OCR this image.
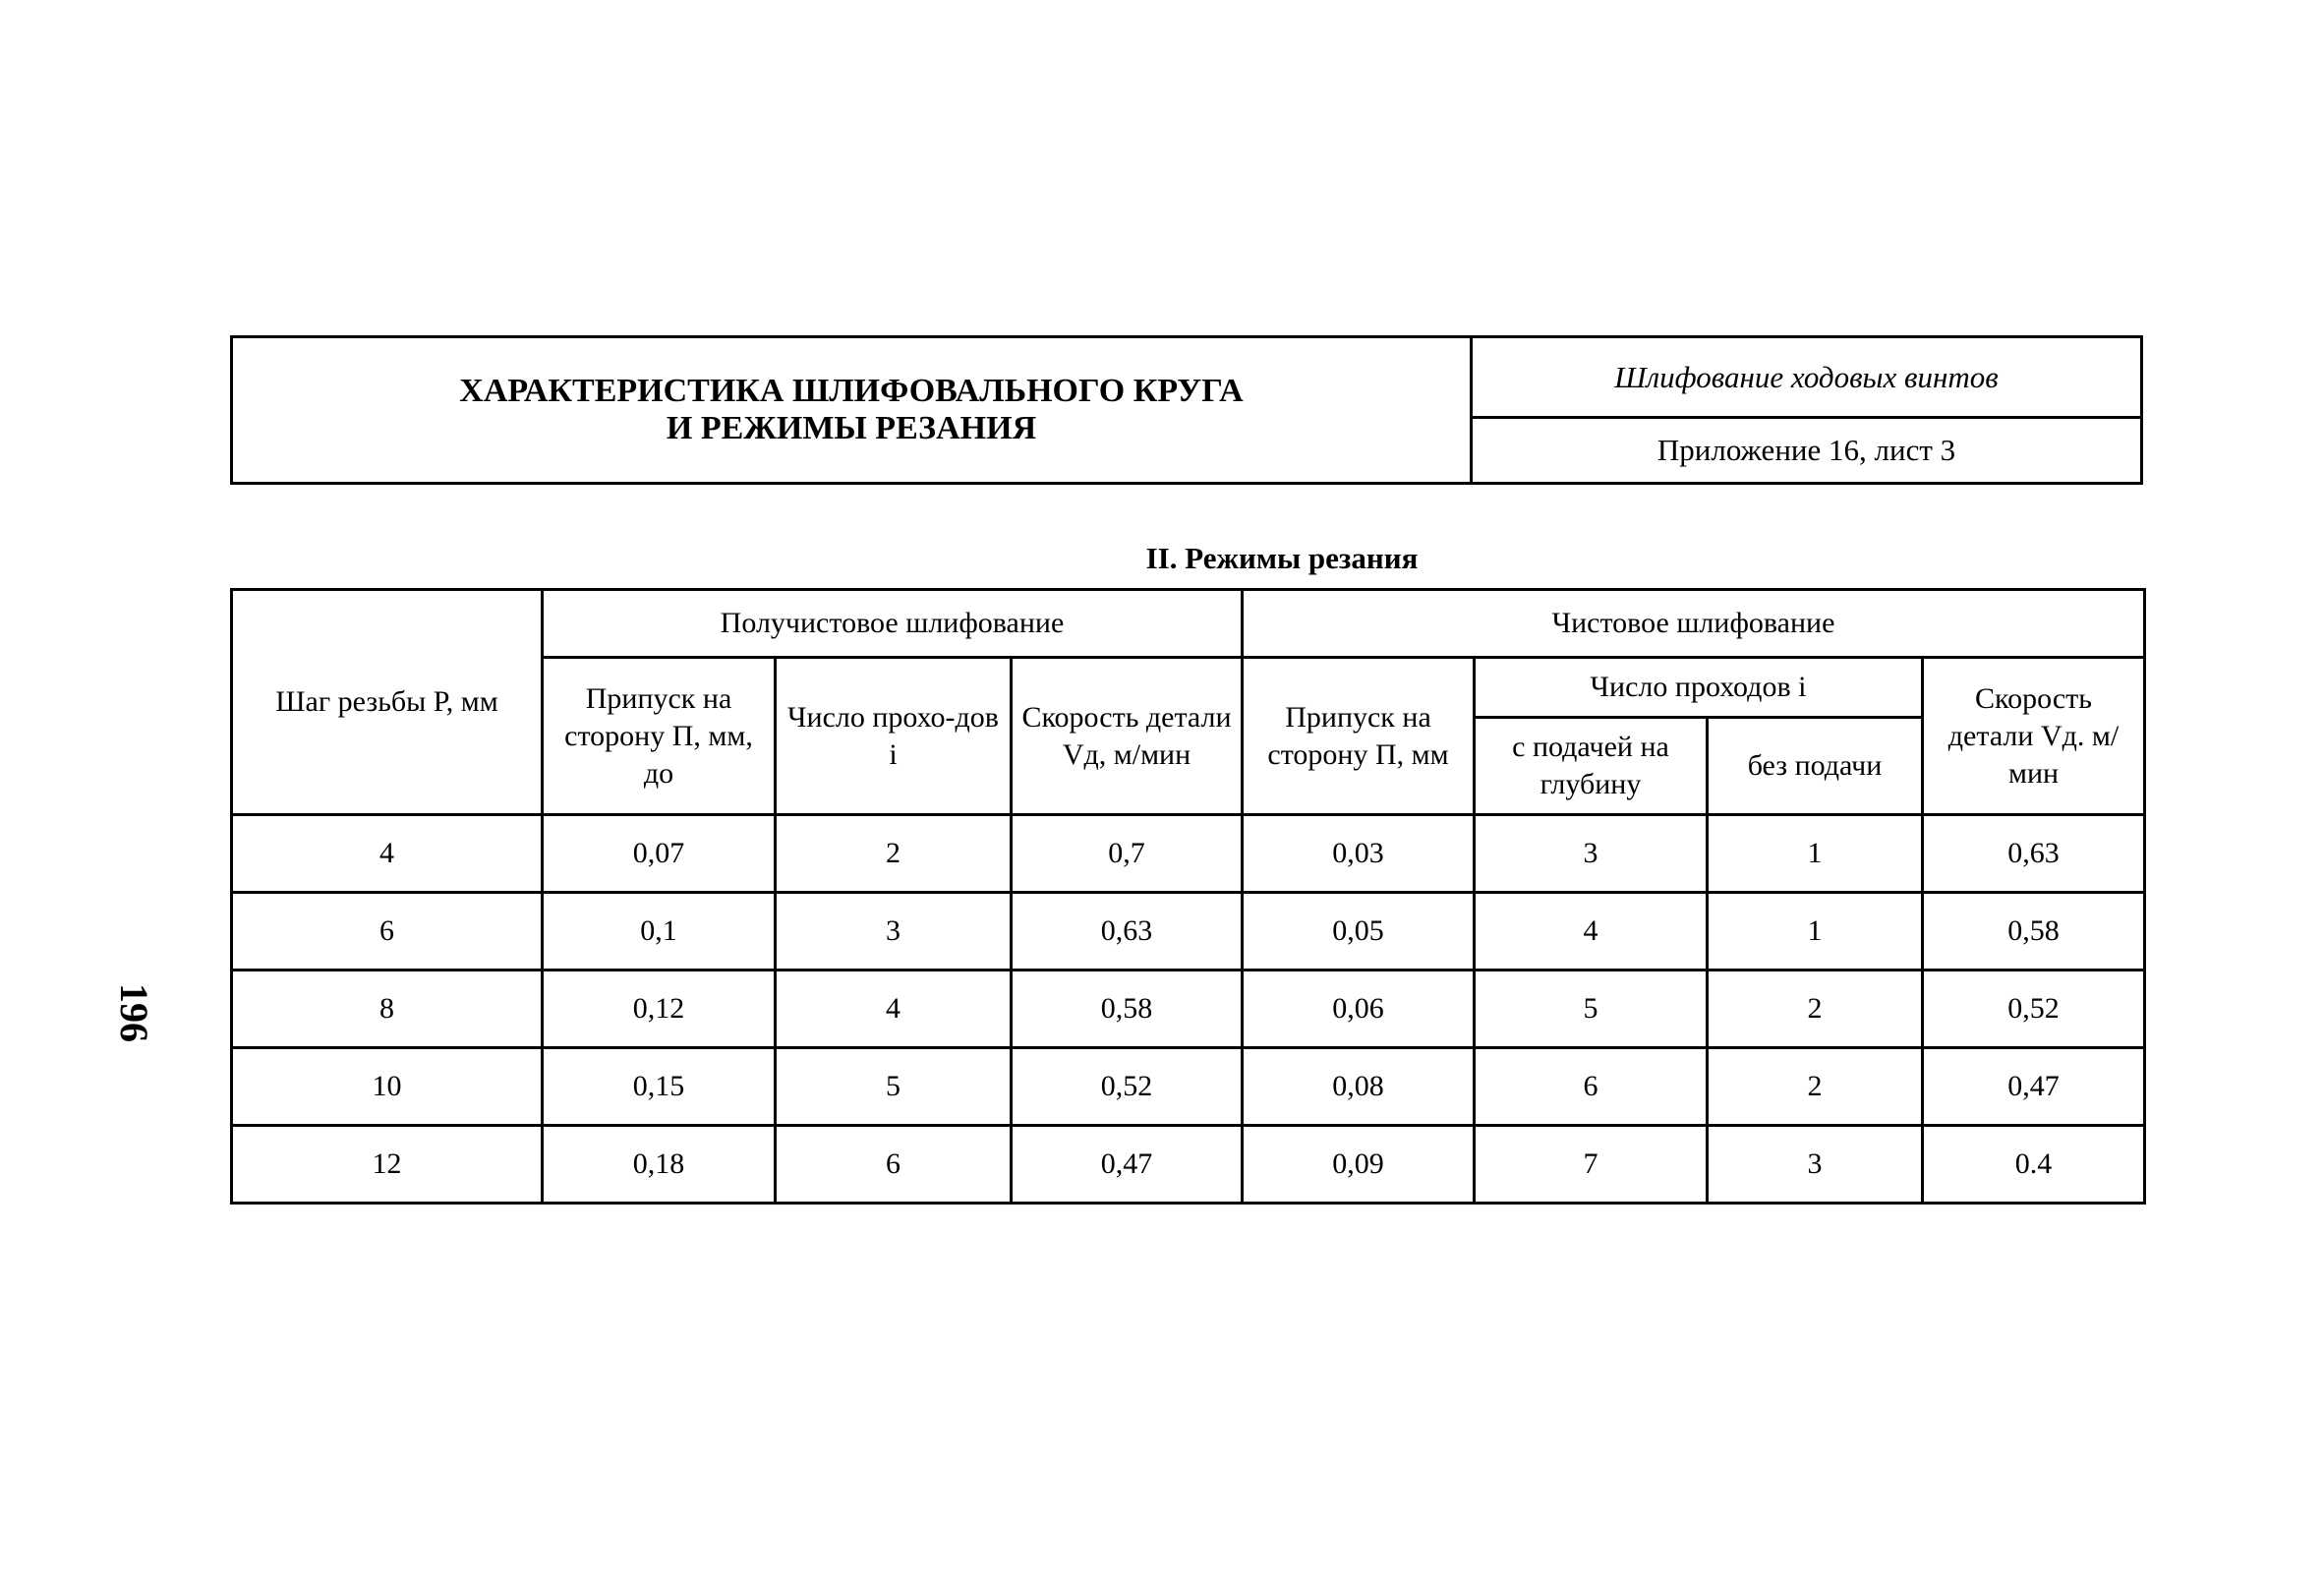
ХАРАКТЕРИСТИКА ШЛИФОВАЛЬНОГО КРУГА
И РЕЖИМЫ РЕЗАНИЯ
Шлифование ходовых винтов
Приложение 16, лист 3
II. Режимы резания
196
Шаг резьбы Р, мм	Получистовое шлифование			Чистовое шлифование			
	Припуск на сторону П, мм, до	Число прохо-дов i	Скорость детали Vд, м/мин	Припуск на сторону П, мм	Число проходов i		Скорость детали Vд. м/мин
					с подачей на глубину	без подачи	
4	0,07	2	0,7	0,03	3	1	0,63
6	0,1	3	0,63	0,05	4	1	0,58
8	0,12	4	0,58	0,06	5	2	0,52
10	0,15	5	0,52	0,08	6	2	0,47
12	0,18	6	0,47	0,09	7	3	0.4
